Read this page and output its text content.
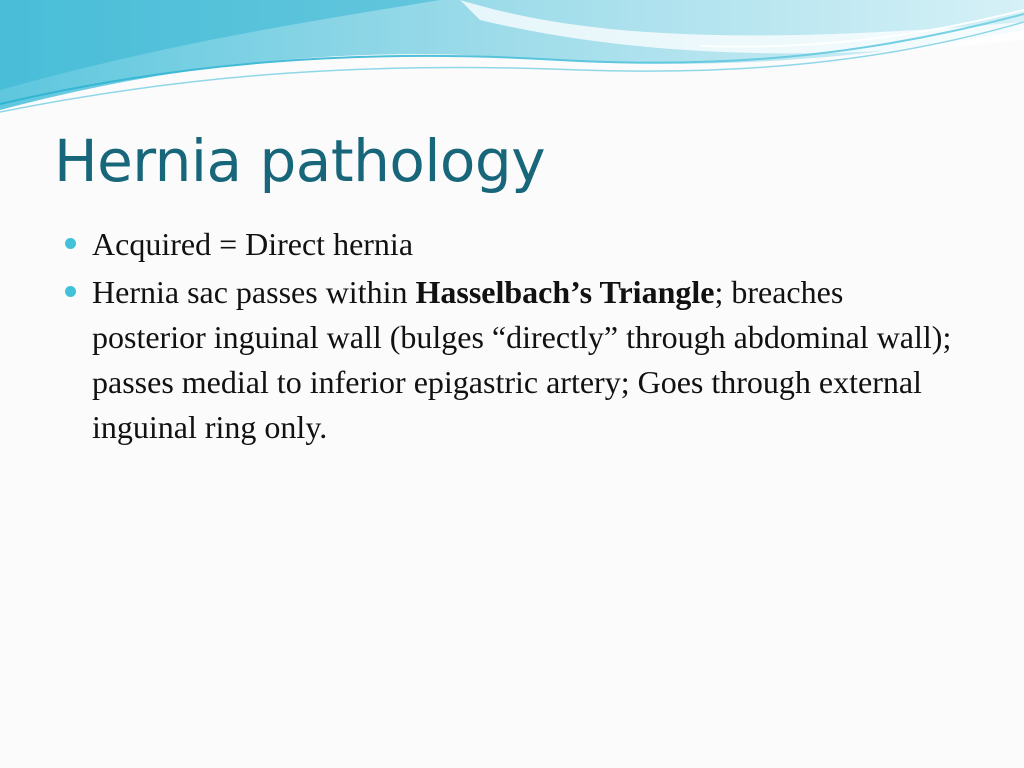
Hernia pathology
Acquired = Direct hernia
Hernia sac passes within Hasselbach’s Triangle; breaches posterior inguinal wall (bulges “directly” through abdominal wall); passes medial to inferior epigastric artery; Goes through external inguinal ring only.
